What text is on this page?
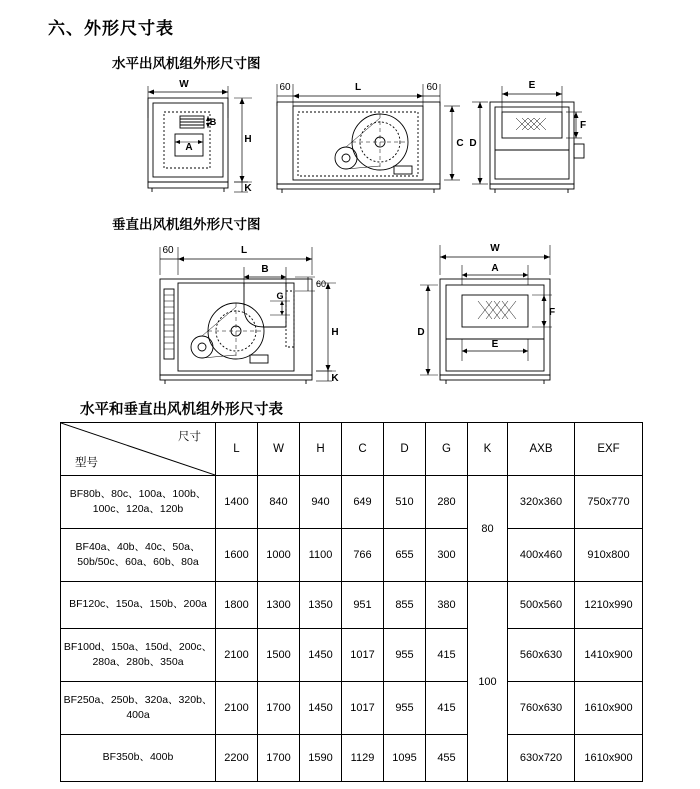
六、外形尺寸表
水平出风机组外形尺寸图
W
A
B
H
K
60	L	60
C
E
F
D
垂直出风机组外形尺寸图
60	L
B
60
G
H
K
W
A
F
D
E
水平和垂直出风机组外形尺寸表
尺寸
型号	L	W	H	C	D	G	K	AXB	EXF
BF80b、80c、100a、100b、100c、120a、120b	1400	840	940	649	510	280	80	320x360	750x770
BF40a、40b、40c、50a、50b/50c、60a、60b、80a	1600	1000	1100	766	655	300		400x460	910x800
BF120c、150a、150b、200a	1800	1300	1350	951	855	380	100	500x560	1210x990
BF100d、150a、150d、200c、280a、280b、350a	2100	1500	1450	1017	955	415		560x630	1410x900
BF250a、250b、320a、320b、400a	2100	1700	1450	1017	955	415		760x630	1610x900
BF350b、400b	2200	1700	1590	1129	1095	455		630x720	1610x900
